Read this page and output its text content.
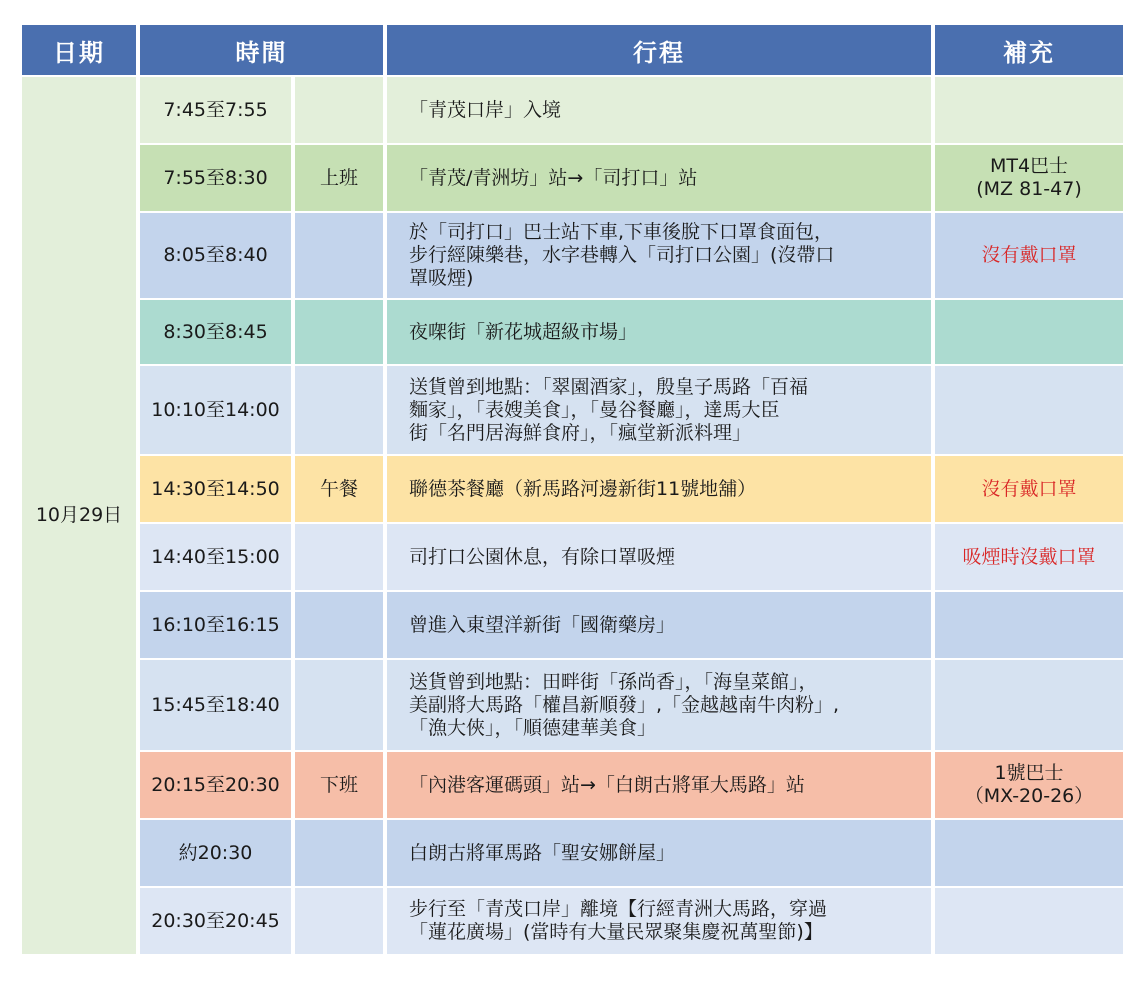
日期	時間		行程	補充
10月29日	7:45至7:55		「青茂口岸」入境	
	7:55至8:30	上班	「青茂/青洲坊」站→「司打口」站	MT4巴士
(MZ 81-47)
	8:05至8:40		於「司打口」巴士站下車,下車後脫下口罩食面包，
步行經陳樂巷，水字巷轉入「司打口公園」(沒帶口
罩吸煙)	沒有戴口罩
	8:30至8:45		夜㗎街「新花城超級市場」	
	10:10至14:00		送貨曾到地點：「翠園酒家」，殷皇子馬路「百福
麵家」，「表嫂美食」，「曼谷餐廳」，達馬大臣
街「名門居海鮮食府」，「瘋堂新派料理」	
	14:30至14:50	午餐	聯德茶餐廳（新馬路河邊新街11號地舖）	沒有戴口罩
	14:40至15:00		司打口公園休息，有除口罩吸煙	吸煙時沒戴口罩
	16:10至16:15		曾進入東望洋新街「國衛藥房」	
	15:45至18:40		送貨曾到地點：田畔街「孫尚香」，「海皇菜館」，
美副將大馬路「權昌新順發」,「金越越南牛肉粉」,
「漁大俠」，「順德建華美食」	
	20:15至20:30	下班	「內港客運碼頭」站→「白朗古將軍大馬路」站	1號巴士
（MX-20-26）
	約20:30		白朗古將軍馬路「聖安娜餅屋」	
	20:30至20:45		步行至「青茂口岸」離境【行經青洲大馬路，穿過
「蓮花廣場」(當時有大量民眾聚集慶祝萬聖節)】	
